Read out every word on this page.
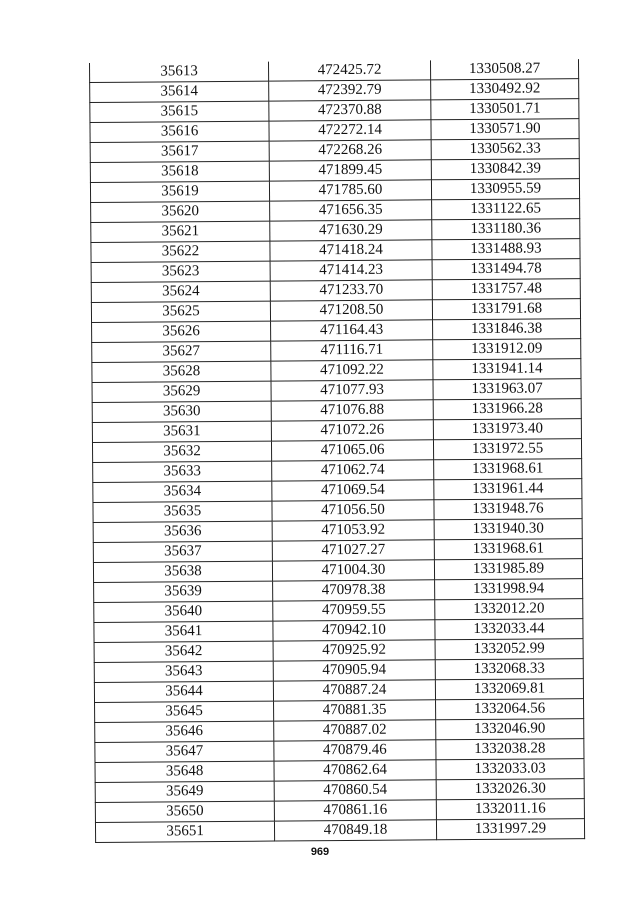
35613	472425.72	1330508.27
35614	472392.79	1330492.92
35615	472370.88	1330501.71
35616	472272.14	1330571.90
35617	472268.26	1330562.33
35618	471899.45	1330842.39
35619	471785.60	1330955.59
35620	471656.35	1331122.65
35621	471630.29	1331180.36
35622	471418.24	1331488.93
35623	471414.23	1331494.78
35624	471233.70	1331757.48
35625	471208.50	1331791.68
35626	471164.43	1331846.38
35627	471116.71	1331912.09
35628	471092.22	1331941.14
35629	471077.93	1331963.07
35630	471076.88	1331966.28
35631	471072.26	1331973.40
35632	471065.06	1331972.55
35633	471062.74	1331968.61
35634	471069.54	1331961.44
35635	471056.50	1331948.76
35636	471053.92	1331940.30
35637	471027.27	1331968.61
35638	471004.30	1331985.89
35639	470978.38	1331998.94
35640	470959.55	1332012.20
35641	470942.10	1332033.44
35642	470925.92	1332052.99
35643	470905.94	1332068.33
35644	470887.24	1332069.81
35645	470881.35	1332064.56
35646	470887.02	1332046.90
35647	470879.46	1332038.28
35648	470862.64	1332033.03
35649	470860.54	1332026.30
35650	470861.16	1332011.16
35651	470849.18	1331997.29
969
